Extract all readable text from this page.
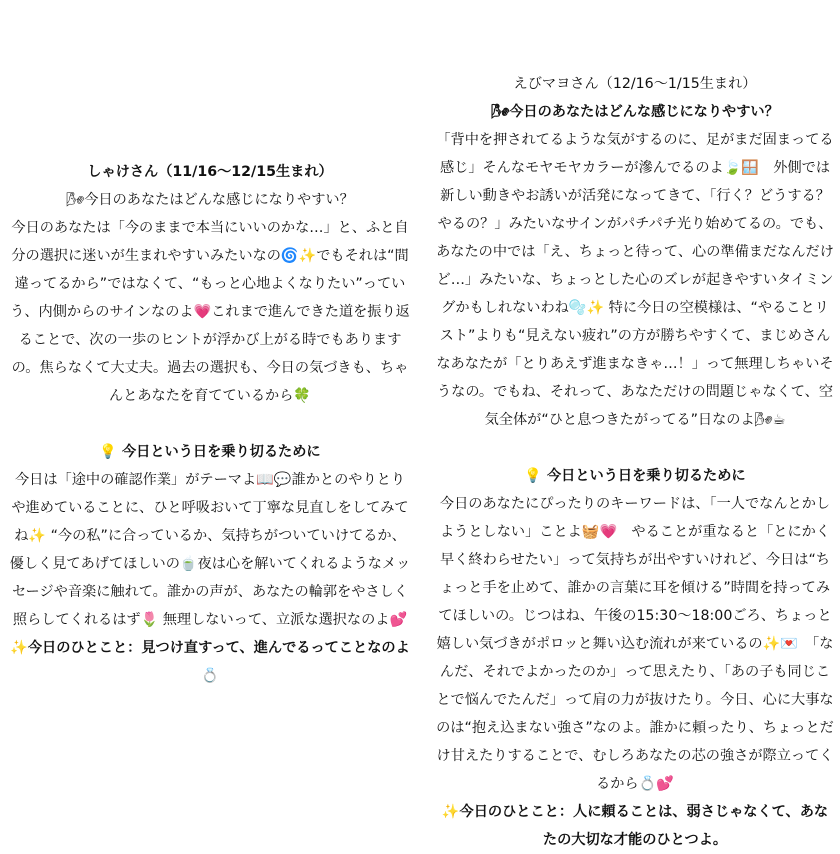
しゃけさん（11/16〜12/15生まれ）

🌬今日のあなたはどんな感じになりやすい？

今日のあなたは「今のままで本当にいいのかな…」と、ふと自分の選択に迷いが生まれやすいみたいなの🌀✨でもそれは“間違ってるから”ではなくて、“もっと心地よくなりたい”っていう、内側からのサインなのよ💗これまで進んできた道を振り返ることで、次の一歩のヒントが浮かび上がる時でもありますの。焦らなくて大丈夫。過去の選択も、今日の気づきも、ちゃんとあなたを育てているから🍀

💡 今日という日を乗り切るために

今日は「途中の確認作業」がテーマよ📖💬誰かとのやりとりや進めていることに、ひと呼吸おいて丁寧な見直しをしてみてね✨ “今の私”に合っているか、気持ちがついていけてるか、優しく見てあげてほしいの🍵夜は心を解いてくれるようなメッセージや音楽に触れて。誰かの声が、あなたの輪郭をやさしく照らしてくれるはず🌷 無理しないって、立派な選択なのよ💕

✨今日のひとこと：見つけ直すって、進んでるってことなのよ💍

えびマヨさん（12/16〜1/15生まれ）

🌬今日のあなたはどんな感じになりやすい？

「背中を押されてるような気がするのに、足がまだ固まってる感じ」そんなモヤモヤカラーが滲んでるのよ🍃🪟　外側では新しい動きやお誘いが活発になってきて、「行く？どうする？やるの？」みたいなサインがパチパチ光り始めてるの。でも、あなたの中では「え、ちょっと待って、心の準備まだなんだけど…」みたいな、ちょっとした心のズレが起きやすいタイミングかもしれないわね🫧✨ 特に今日の空模様は、“やることリスト”よりも“見えない疲れ”の方が勝ちやすくて、まじめさんなあなたが「とりあえず進まなきゃ…！」って無理しちゃいそうなの。でもね、それって、あなただけの問題じゃなくて、空気全体が“ひと息つきたがってる”日なのよ🌬☕

💡 今日という日を乗り切るために

今日のあなたにぴったりのキーワードは、「一人でなんとかしようとしない」ことよ🧺💗　やることが重なると「とにかく早く終わらせたい」って気持ちが出やすいけれど、今日は“ちょっと手を止めて、誰かの言葉に耳を傾ける”時間を持ってみてほしいの。じつはね、午後の15:30〜18:00ごろ、ちょっと嬉しい気づきがポロッと舞い込む流れが来ているの✨💌　「なんだ、それでよかったのか」って思えたり、「あの子も同じことで悩んでたんだ」って肩の力が抜けたり。今日、心に大事なのは“抱え込まない強さ”なのよ。誰かに頼ったり、ちょっとだけ甘えたりすることで、むしろあなたの芯の強さが際立ってくるから💍💕

✨今日のひとこと：人に頼ることは、弱さじゃなくて、あなたの大切な才能のひとつよ。
